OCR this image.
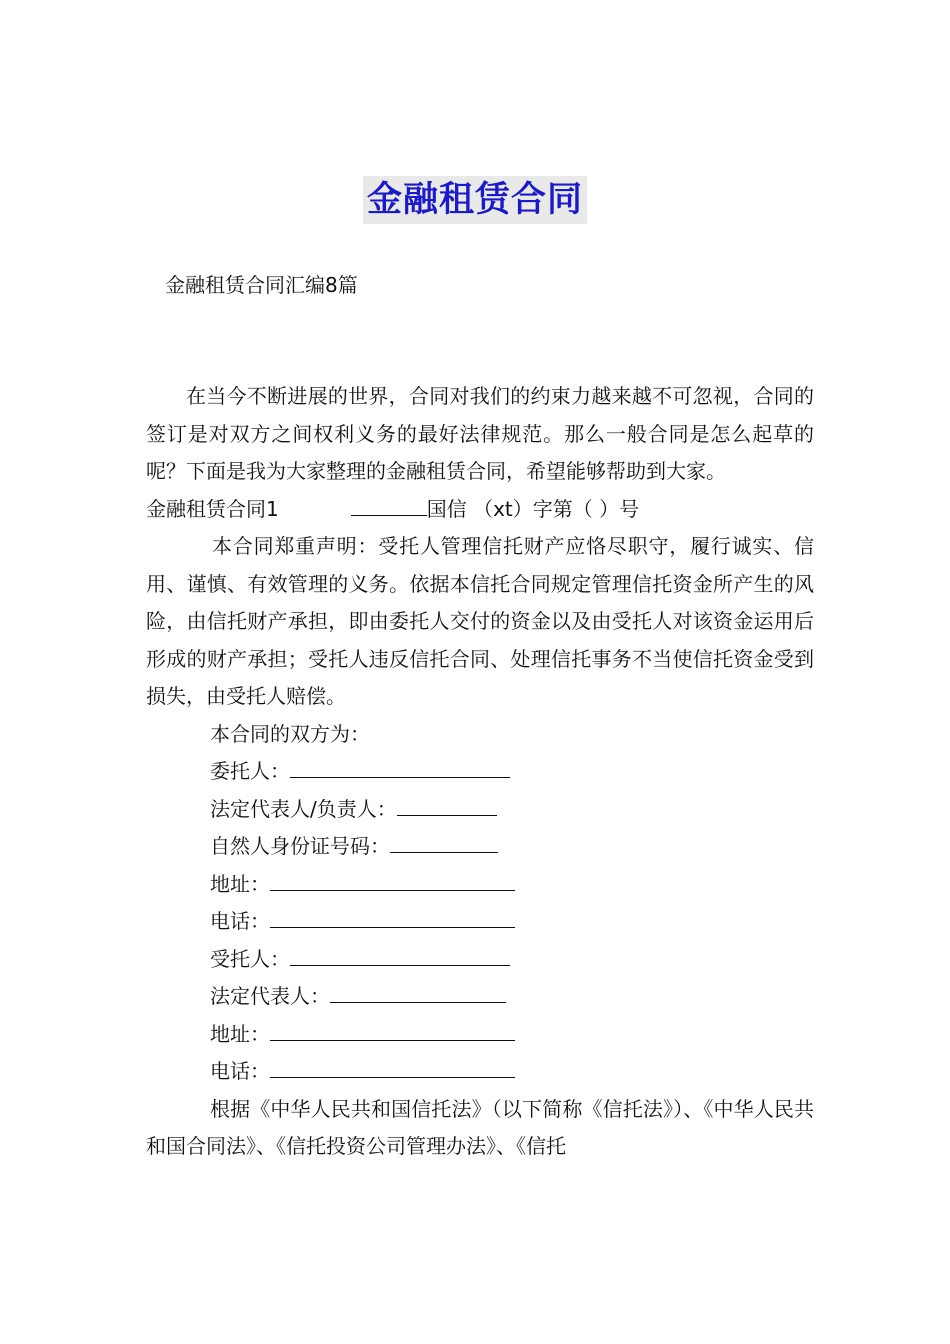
金融租赁合同
金融租赁合同汇编8篇

在当今不断进展的世界，合同对我们的约束力越来越不可忽视，合同的签订是对双方之间权利义务的最好法律规范。那么一般合同是怎么起草的呢？下面是我为大家整理的金融租赁合同，希望能够帮助到大家。

金融租赁合同1	国信 （xt）字第（ ）号

本合同郑重声明：受托人管理信托财产应恪尽职守，履行诚实、信用、谨慎、有效管理的义务。依据本信托合同规定管理信托资金所产生的风险，由信托财产承担，即由委托人交付的资金以及由受托人对该资金运用后形成的财产承担；受托人违反信托合同、处理信托事务不当使信托资金受到损失，由受托人赔偿。

本合同的双方为：

委托人：

法定代表人/负责人：

自然人身份证号码：

地址：

电话：

受托人：

法定代表人：

地址：

电话：

根据《中华人民共和国信托法》（以下简称《信托法》）、《中华人民共和国合同法》、《信托投资公司管理办法》、《信托
